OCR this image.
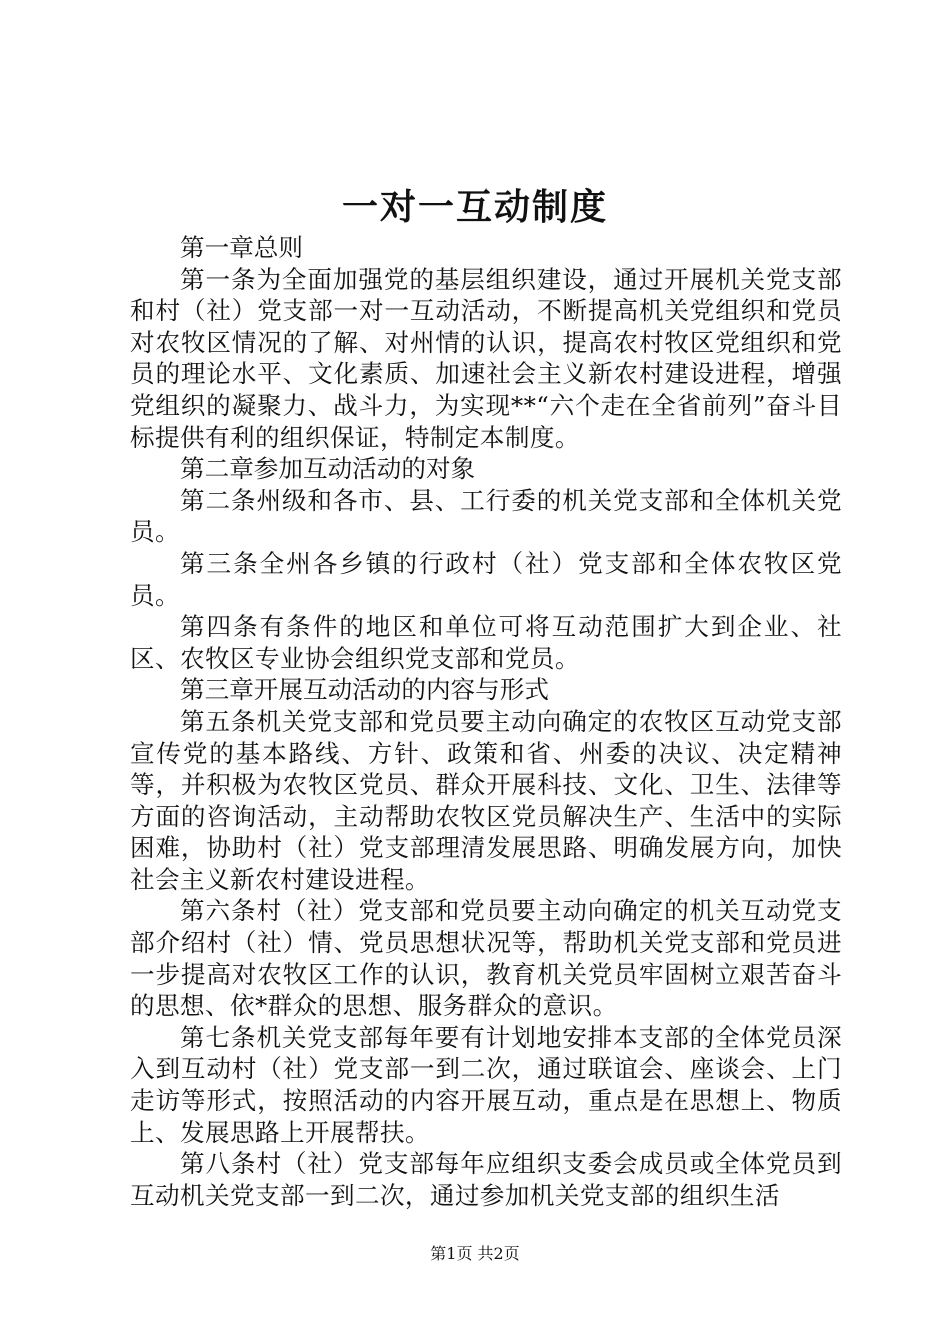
一对一互动制度

第一章总则

第一条为全面加强党的基层组织建设，通过开展机关党支部和村（社）党支部一对一互动活动，不断提高机关党组织和党员对农牧区情况的了解、对州情的认识，提高农村牧区党组织和党员的理论水平、文化素质、加速社会主义新农村建设进程，增强党组织的凝聚力、战斗力，为实现**“六个走在全省前列”奋斗目标提供有利的组织保证，特制定本制度。

第二章参加互动活动的对象

第二条州级和各市、县、工行委的机关党支部和全体机关党员。

第三条全州各乡镇的行政村（社）党支部和全体农牧区党员。

第四条有条件的地区和单位可将互动范围扩大到企业、社区、农牧区专业协会组织党支部和党员。

第三章开展互动活动的内容与形式

第五条机关党支部和党员要主动向确定的农牧区互动党支部宣传党的基本路线、方针、政策和省、州委的决议、决定精神等，并积极为农牧区党员、群众开展科技、文化、卫生、法律等方面的咨询活动，主动帮助农牧区党员解决生产、生活中的实际困难，协助村（社）党支部理清发展思路、明确发展方向，加快社会主义新农村建设进程。

第六条村（社）党支部和党员要主动向确定的机关互动党支部介绍村（社）情、党员思想状况等，帮助机关党支部和党员进一步提高对农牧区工作的认识，教育机关党员牢固树立艰苦奋斗的思想、依*群众的思想、服务群众的意识。

第七条机关党支部每年要有计划地安排本支部的全体党员深入到互动村（社）党支部一到二次，通过联谊会、座谈会、上门走访等形式，按照活动的内容开展互动，重点是在思想上、物质上、发展思路上开展帮扶。

第八条村（社）党支部每年应组织支委会成员或全体党员到互动机关党支部一到二次，通过参加机关党支部的组织生活

第1页 共2页
